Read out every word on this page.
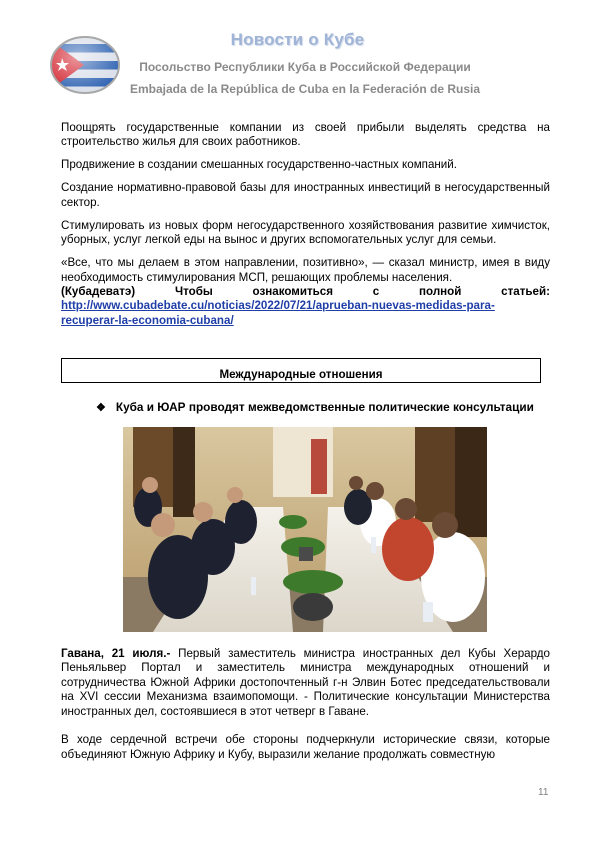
Новости о Кубе
Посольство Республики Куба в Российской Федерации
Embajada de la República de Cuba en la Federación de Rusia

Поощрять государственные компании из своей прибыли выделять средства на строительство жилья для своих работников.

Продвижение в создании смешанных государственно-частных компаний.

Создание нормативно-правовой базы для иностранных инвестиций в негосударственный сектор.

Стимулировать из новых форм негосударственного хозяйствования развитие химчисток, уборных, услуг легкой еды на вынос и других вспомогательных услуг для семьи.

«Все, что мы делаем в этом направлении, позитивно», — сказал министр, имея в виду необходимость стимулирования МСП, решающих проблемы населения.
(Кубадеватэ) Чтобы ознакомиться с полной статьей:
http://www.cubadebate.cu/noticias/2022/07/21/aprueban-nuevas-medidas-para-recuperar-la-economia-cubana/

Международные отношения
❖ Куба и ЮАР проводят межведомственные политические консультации

Гавана, 21 июля.- Первый заместитель министра иностранных дел Кубы Херардо Пеньяльвер Портал и заместитель министра международных отношений и сотрудничества Южной Африки достопочтенный г-н Элвин Ботес председательствовали на XVI сессии Механизма взаимопомощи. - Политические консультации Министерства иностранных дел, состоявшиеся в этот четверг в Гаване.

В ходе сердечной встречи обе стороны подчеркнули исторические связи, которые объединяют Южную Африку и Кубу, выразили желание продолжать совместную

11
